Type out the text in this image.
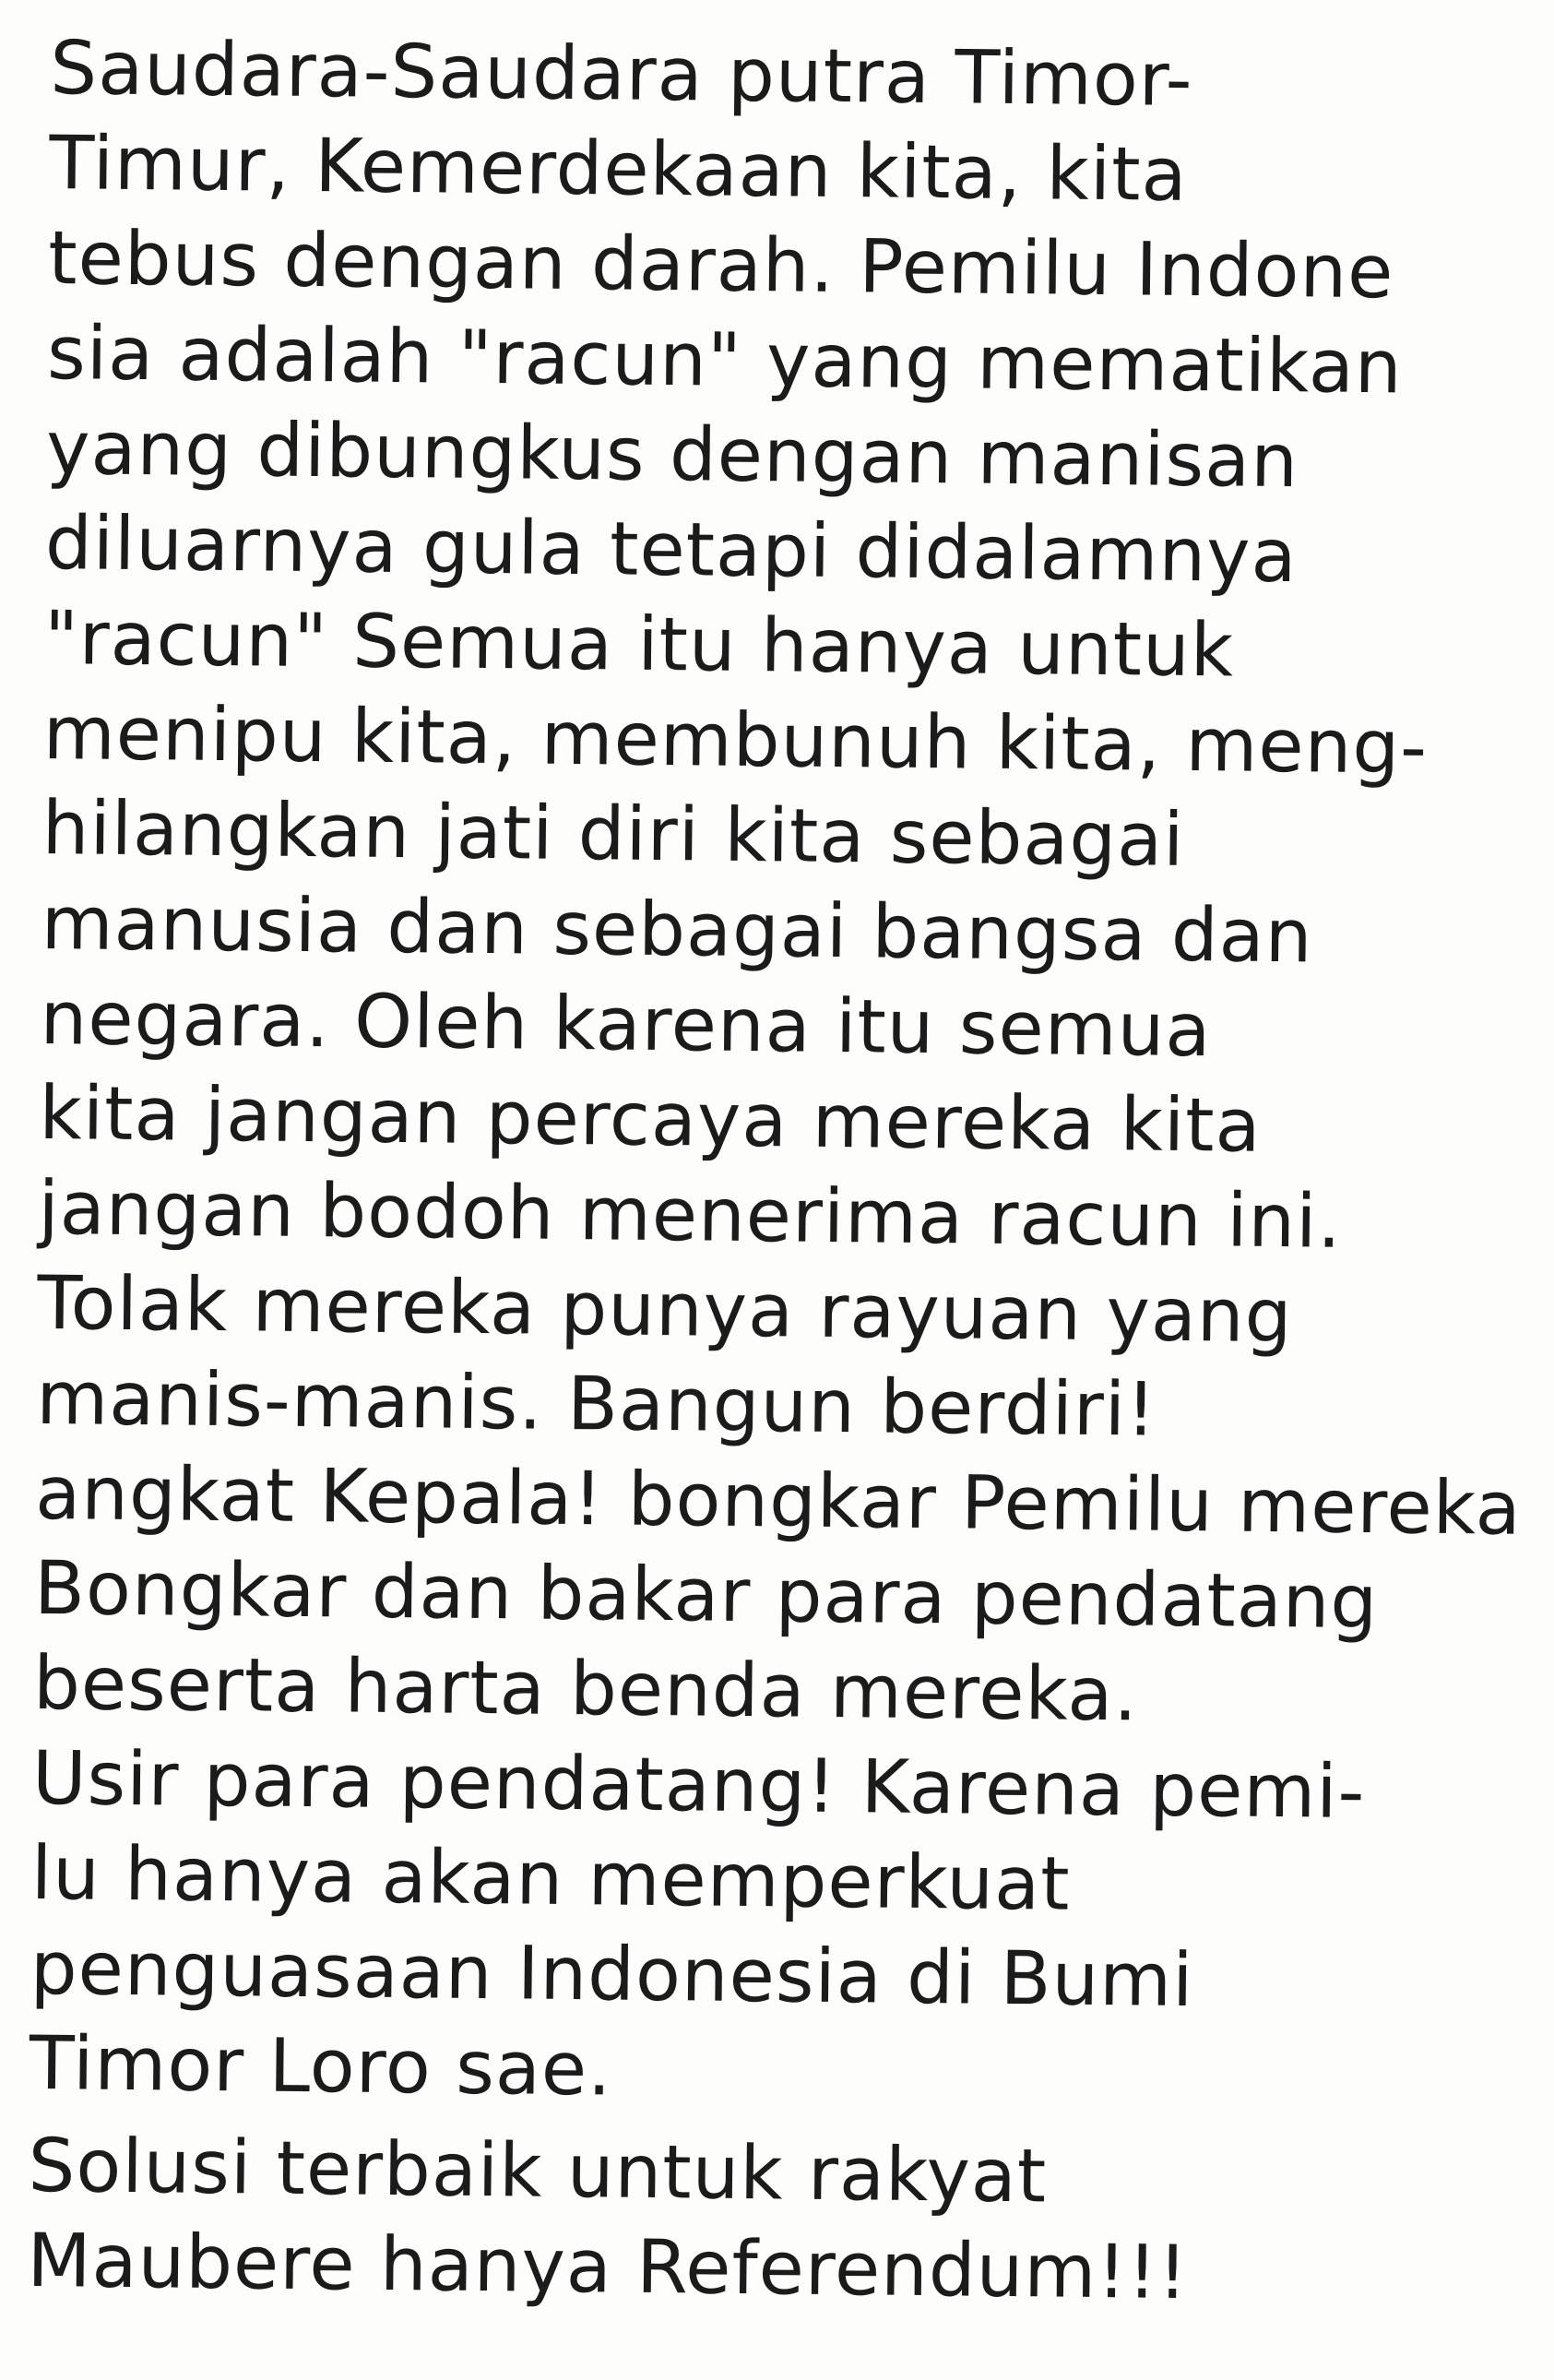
Saudara-Saudara putra Timor-
Timur, Kemerdekaan kita, kita
tebus dengan darah. Pemilu Indone
sia adalah "racun" yang mematikan
yang dibungkus dengan manisan
diluarnya gula tetapi didalamnya
"racun" Semua itu hanya untuk
menipu kita, membunuh kita, meng-
hilangkan jati diri kita sebagai
manusia dan sebagai bangsa dan
negara. Oleh karena itu semua
kita jangan percaya mereka kita
jangan bodoh menerima racun ini.
Tolak mereka punya rayuan yang
manis-manis. Bangun berdiri!
angkat Kepala! bongkar Pemilu mereka
Bongkar dan bakar para pendatang
beserta harta benda mereka.
Usir para pendatang! Karena pemi-
lu hanya akan memperkuat
penguasaan Indonesia di Bumi
Timor Loro sae.
Solusi terbaik untuk rakyat
Maubere hanya Referendum!!!
